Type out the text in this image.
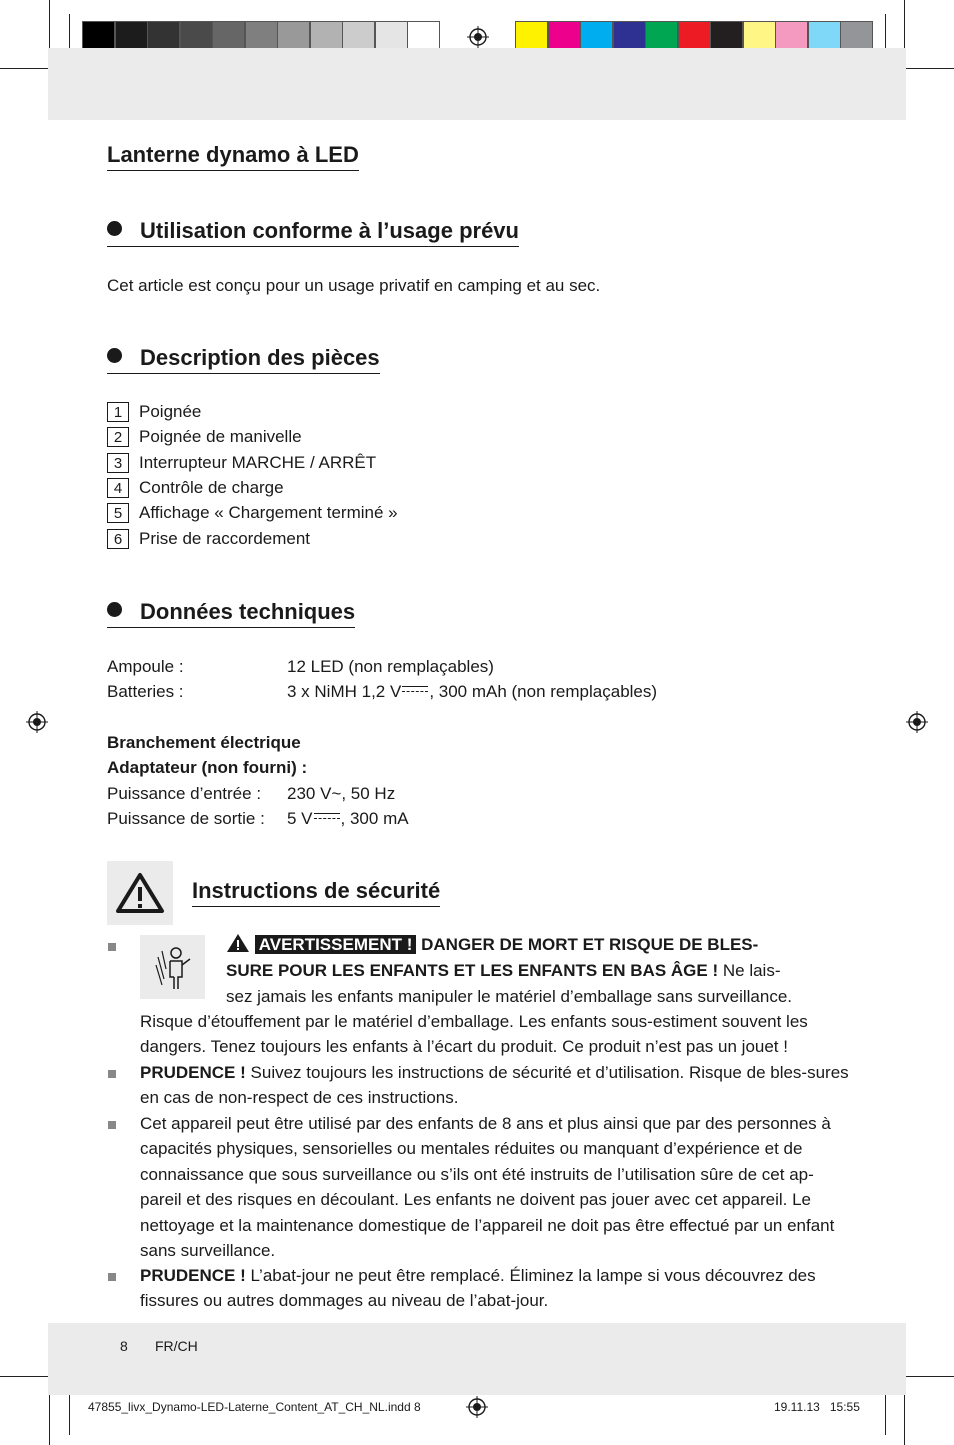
Lanterne dynamo à LED
Utilisation conforme à l’usage prévu
Cet article est conçu pour un usage privatif en camping et au sec.
Description des pièces
1 Poignée
2 Poignée de manivelle
3 Interrupteur MARCHE / ARRÊT
4 Contrôle de charge
5 Affichage « Chargement terminé »
6 Prise de raccordement
Données techniques
Ampoule :	12 LED (non remplaçables)
Batteries :	3 x NiMH 1,2 V , 300 mAh (non remplaçables)
Branchement électrique
Adaptateur (non fourni) :
Puissance d’entrée : 230 V~, 50 Hz
Puissance de sortie : 5 V , 300 mA
Instructions de sécurité
AVERTISSEMENT ! DANGER DE MORT ET RISQUE DE BLES-
SURE POUR LES ENFANTS ET LES ENFANTS EN BAS ÂGE ! Ne lais-
sez jamais les enfants manipuler le matériel d’emballage sans surveillance.
Risque d’étouffement par le matériel d’emballage. Les enfants sous-estiment souvent les dangers. Tenez toujours les enfants à l’écart du produit. Ce produit n’est pas un jouet !
PRUDENCE ! Suivez toujours les instructions de sécurité et d’utilisation. Risque de bles-sures en cas de non-respect de ces instructions.
Cet appareil peut être utilisé par des enfants de 8 ans et plus ainsi que par des personnes à capacités physiques, sensorielles ou mentales réduites ou manquant d’expérience et de connaissance que sous surveillance ou s’ils ont été instruits de l’utilisation sûre de cet ap-pareil et des risques en découlant. Les enfants ne doivent pas jouer avec cet appareil. Le nettoyage et la maintenance domestique de l’appareil ne doit pas être effectué par un enfant sans surveillance.
PRUDENCE ! L’abat-jour ne peut être remplacé. Éliminez la lampe si vous découvrez des fissures ou autres dommages au niveau de l’abat-jour.
8 FR/CH
47855_livx_Dynamo-LED-Laterne_Content_AT_CH_NL.indd 8	19.11.13 15:55
